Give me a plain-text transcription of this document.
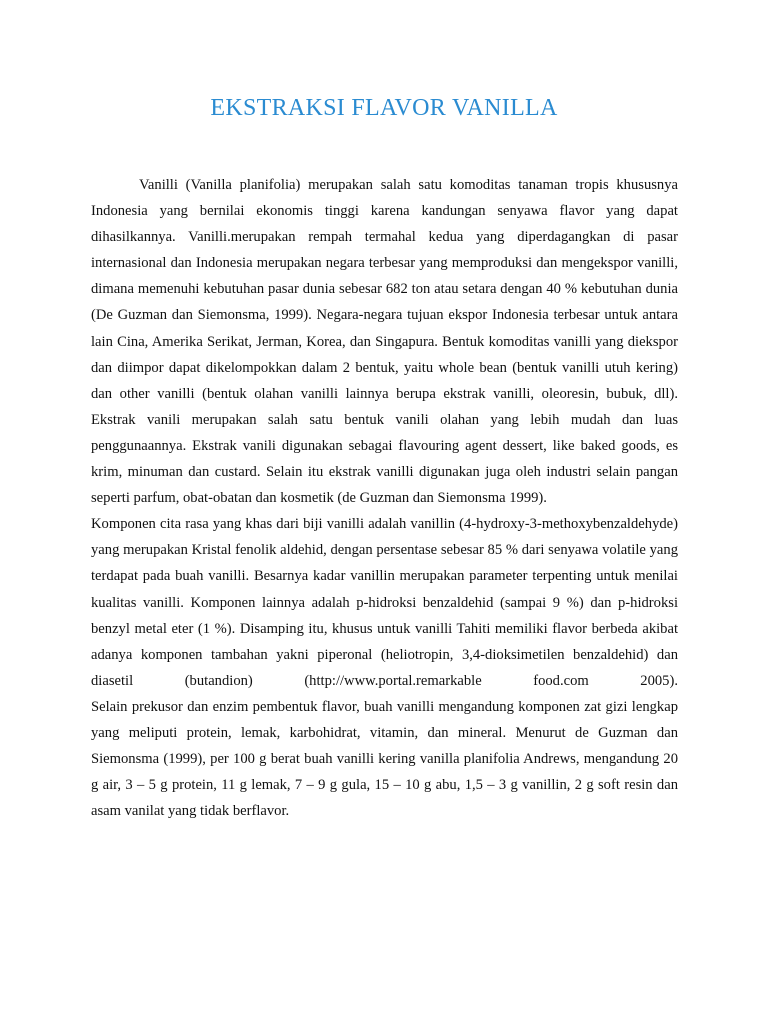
EKSTRAKSI FLAVOR VANILLA

Vanilli (Vanilla planifolia) merupakan salah satu komoditas tanaman tropis khususnya Indonesia yang bernilai ekonomis tinggi karena kandungan senyawa flavor yang dapat dihasilkannya. Vanilli.merupakan rempah termahal kedua yang diperdagangkan di pasar internasional dan Indonesia merupakan negara terbesar yang memproduksi dan mengekspor vanilli, dimana memenuhi kebutuhan pasar dunia sebesar 682 ton atau setara dengan 40 % kebutuhan dunia (De Guzman dan Siemonsma, 1999). Negara-negara tujuan ekspor Indonesia terbesar untuk antara lain Cina, Amerika Serikat, Jerman, Korea, dan Singapura. Bentuk komoditas vanilli yang diekspor dan diimpor dapat dikelompokkan dalam 2 bentuk, yaitu whole bean (bentuk vanilli utuh kering) dan other vanilli (bentuk olahan vanilli lainnya berupa ekstrak vanilli, oleoresin, bubuk, dll). Ekstrak vanili merupakan salah satu bentuk vanili olahan yang lebih mudah dan luas penggunaannya. Ekstrak vanili digunakan sebagai flavouring agent dessert, like baked goods, es krim, minuman dan custard. Selain itu ekstrak vanilli digunakan juga oleh industri selain pangan seperti parfum, obat-obatan dan kosmetik (de Guzman dan Siemonsma 1999).

Komponen cita rasa yang khas dari biji vanilli adalah vanillin (4-hydroxy-3-methoxybenzaldehyde) yang merupakan Kristal fenolik aldehid, dengan persentase sebesar 85 % dari senyawa volatile yang terdapat pada buah vanilli. Besarnya kadar vanillin merupakan parameter terpenting untuk menilai kualitas vanilli. Komponen lainnya adalah p-hidroksi benzaldehid (sampai 9 %) dan p-hidroksi benzyl metal eter (1 %). Disamping itu, khusus untuk vanilli Tahiti memiliki flavor berbeda akibat adanya komponen tambahan yakni piperonal (heliotropin, 3,4-dioksimetilen benzaldehid) dan diasetil (butandion) (http://www.portal.remarkable food.com 2005).

Selain prekusor dan enzim pembentuk flavor, buah vanilli mengandung komponen zat gizi lengkap yang meliputi protein, lemak, karbohidrat, vitamin, dan mineral. Menurut de Guzman dan Siemonsma (1999), per 100 g berat buah vanilli kering vanilla planifolia Andrews, mengandung 20 g air, 3 – 5 g protein, 11 g lemak, 7 – 9 g gula, 15 – 10 g abu, 1,5 – 3 g vanillin, 2 g soft resin dan asam vanilat yang tidak berflavor.
